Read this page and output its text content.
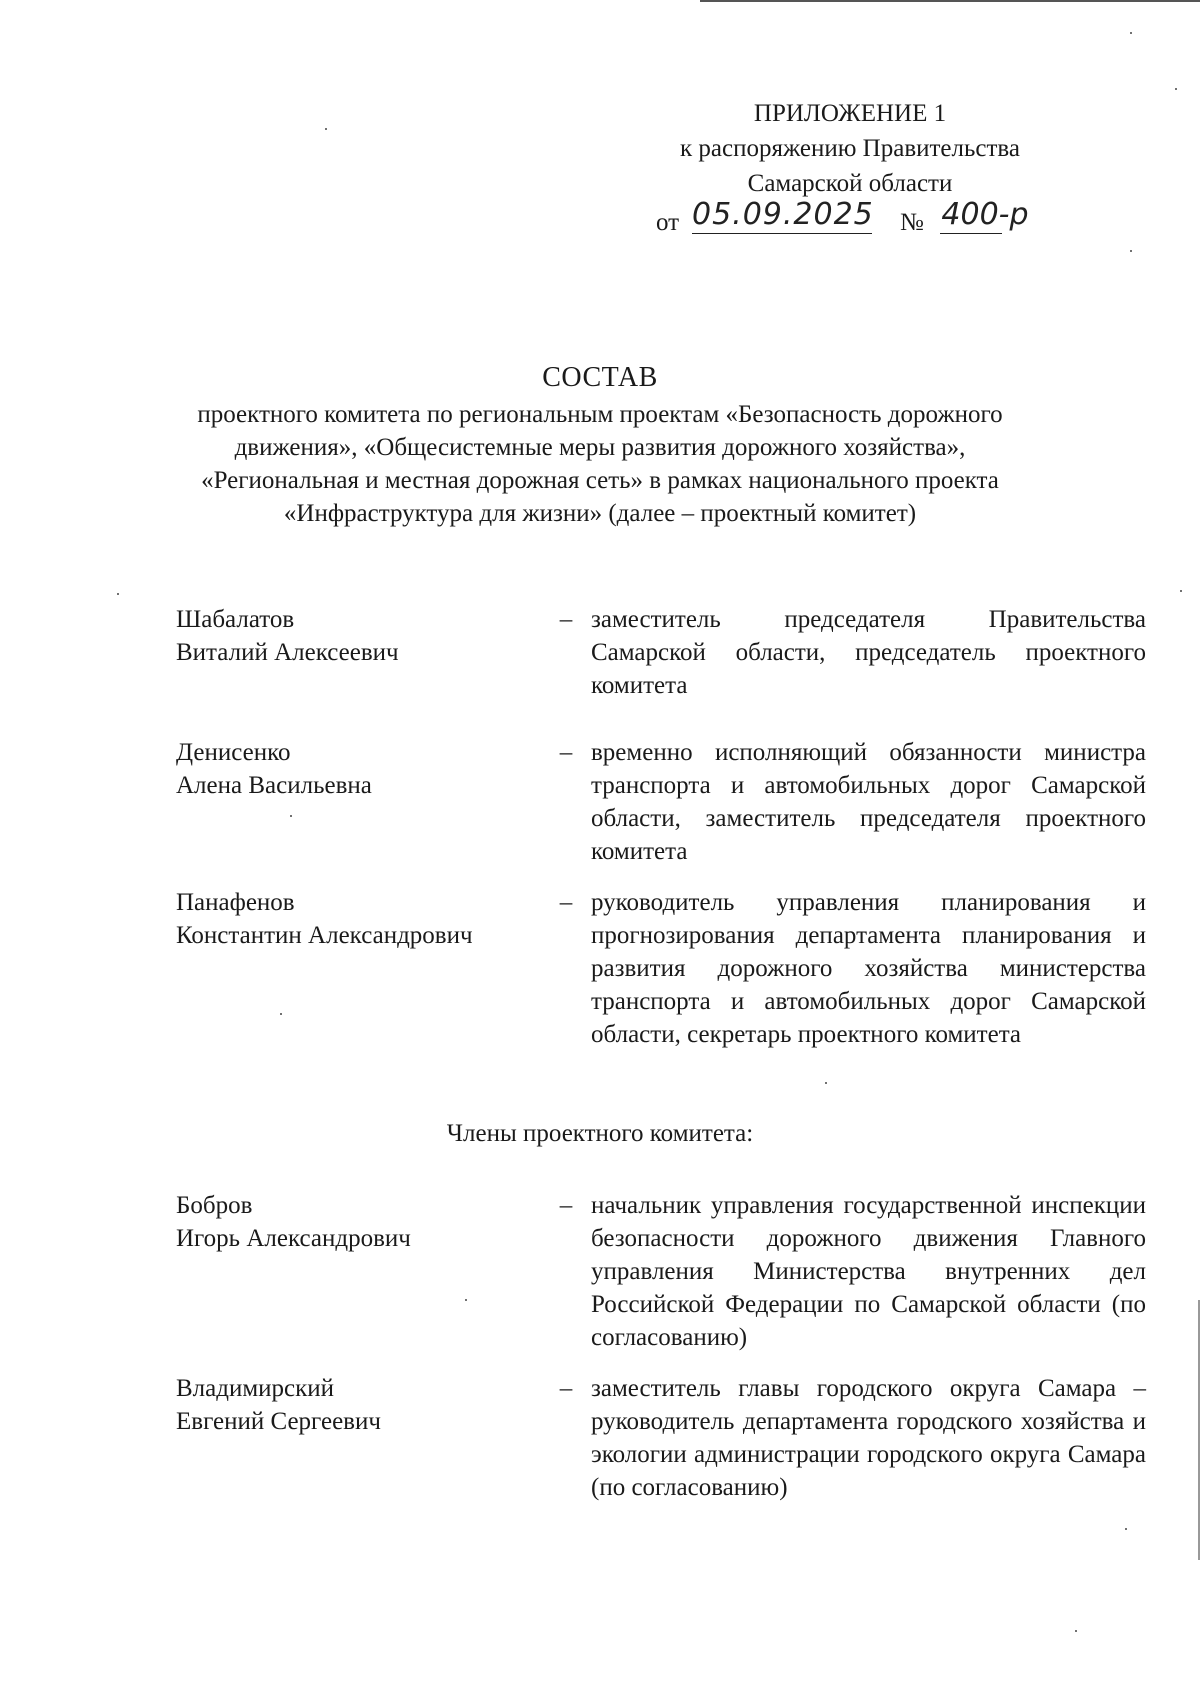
ПРИЛОЖЕНИЕ 1
к распоряжению Правительства
Самарской области
от 05.09.2025 № 400-р
СОСТАВ
проектного комитета по региональным проектам «Безопасность дорожного движения», «Общесистемные меры развития дорожного хозяйства», «Региональная и местная дорожная сеть» в рамках национального проекта «Инфраструктура для жизни» (далее – проектный комитет)
Шабалатов
Виталий Алексеевич
– заместитель председателя Правительства Самарской области, председатель проектного комитета
Денисенко
Алена Васильевна
– временно исполняющий обязанности министра транспорта и автомобильных дорог Самарской области, заместитель председателя проектного комитета
Панафенов
Константин Александрович
– руководитель управления планирования и прогнозирования департамента планирования и развития дорожного хозяйства министерства транспорта и автомобильных дорог Самарской области, секретарь проектного комитета
Члены проектного комитета:
Бобров
Игорь Александрович
– начальник управления государственной инспекции безопасности дорожного движения Главного управления Министерства внутренних дел Российской Федерации по Самарской области (по согласованию)
Владимирский
Евгений Сергеевич
– заместитель главы городского округа Самара – руководитель департамента городского хозяйства и экологии администрации городского округа Самара (по согласованию)
